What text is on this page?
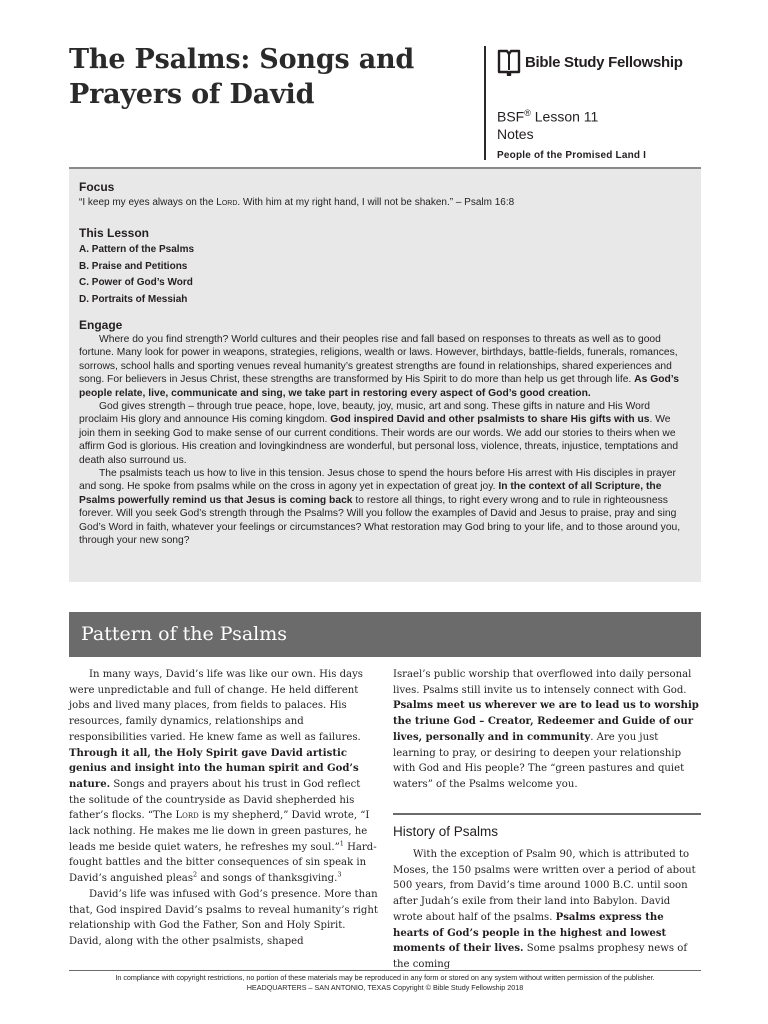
The Psalms: Songs and Prayers of David
Bible Study Fellowship
BSF® Lesson 11
Notes
People of the Promised Land I
Focus
“I keep my eyes always on the Lord. With him at my right hand, I will not be shaken.” – Psalm 16:8
This Lesson
A. Pattern of the Psalms
B. Praise and Petitions
C. Power of God’s Word
D. Portraits of Messiah
Engage

Where do you find strength? World cultures and their peoples rise and fall based on responses to threats as well as to good fortune. Many look for power in weapons, strategies, religions, wealth or laws. However, birthdays, battle-fields, funerals, romances, sorrows, school halls and sporting venues reveal humanity’s greatest strengths are found in relationships, shared experiences and song. For believers in Jesus Christ, these strengths are transformed by His Spirit to do more than help us get through life. As God’s people relate, live, communicate and sing, we take part in restoring every aspect of God’s good creation.

God gives strength – through true peace, hope, love, beauty, joy, music, art and song. These gifts in nature and His Word proclaim His glory and announce His coming kingdom. God inspired David and other psalmists to share His gifts with us. We join them in seeking God to make sense of our current conditions. Their words are our words. We add our stories to theirs when we affirm God is glorious. His creation and lovingkindness are wonderful, but personal loss, violence, threats, injustice, temptations and death also surround us.

The psalmists teach us how to live in this tension. Jesus chose to spend the hours before His arrest with His disciples in prayer and song. He spoke from psalms while on the cross in agony yet in expectation of great joy. In the context of all Scripture, the Psalms powerfully remind us that Jesus is coming back to restore all things, to right every wrong and to rule in righteousness forever. Will you seek God’s strength through the Psalms? Will you follow the examples of David and Jesus to praise, pray and sing God’s Word in faith, whatever your feelings or circumstances? What restoration may God bring to your life, and to those around you, through your new song?

Pattern of the Psalms

In many ways, David’s life was like our own. His days were unpredictable and full of change. He held different jobs and lived many places, from fields to palaces. His resources, family dynamics, relationships and responsibilities varied. He knew fame as well as failures. Through it all, the Holy Spirit gave David artistic genius and insight into the human spirit and God’s nature. Songs and prayers about his trust in God reflect the solitude of the countryside as David shepherded his father’s flocks. “The Lord is my shepherd,” David wrote, “I lack nothing. He makes me lie down in green pastures, he leads me beside quiet waters, he refreshes my soul.”$^1$ Hard-fought battles and the bitter consequences of sin speak in David’s anguished pleas$^2$ and songs of thanksgiving.$^3$

David’s life was infused with God’s presence. More than that, God inspired David’s psalms to reveal humanity’s right relationship with God the Father, Son and Holy Spirit. David, along with the other psalmists, shaped

Israel’s public worship that overflowed into daily personal lives. Psalms still invite us to intensely connect with God. Psalms meet us wherever we are to lead us to worship the triune God – Creator, Redeemer and Guide of our lives, personally and in community. Are you just learning to pray, or desiring to deepen your relationship with God and His people? The “green pastures and quiet waters” of the Psalms welcome you.

History of Psalms

With the exception of Psalm 90, which is attributed to Moses, the 150 psalms were written over a period of about 500 years, from David’s time around 1000 B.C. until soon after Judah’s exile from their land into Babylon. David wrote about half of the psalms. Psalms express the hearts of God’s people in the highest and lowest moments of their lives. Some psalms prophesy news of the coming

In compliance with copyright restrictions, no portion of these materials may be reproduced in any form or stored on any system without written permission of the publisher.
HEADQUARTERS – SAN ANTONIO, TEXAS Copyright © Bible Study Fellowship 2018
